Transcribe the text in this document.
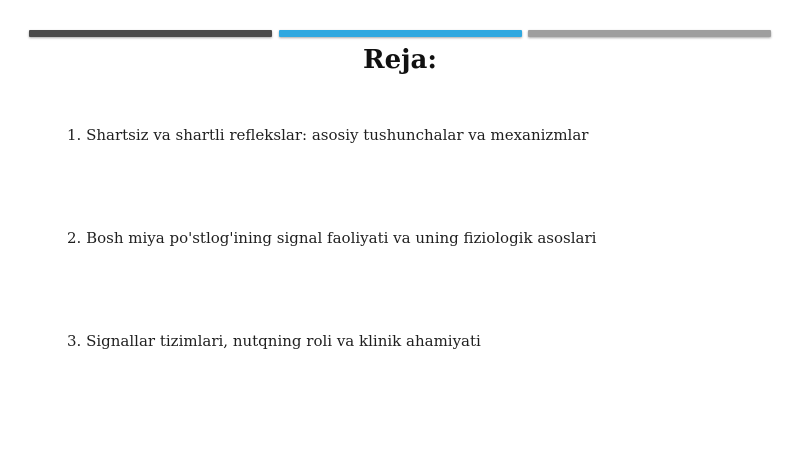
Reja:
1. Shartsiz va shartli reflekslar: asosiy tushunchalar va mexanizmlar
2. Bosh miya po'stlog'ining signal faoliyati va uning fiziologik asoslari
3. Signallar tizimlari, nutqning roli va klinik ahamiyati
